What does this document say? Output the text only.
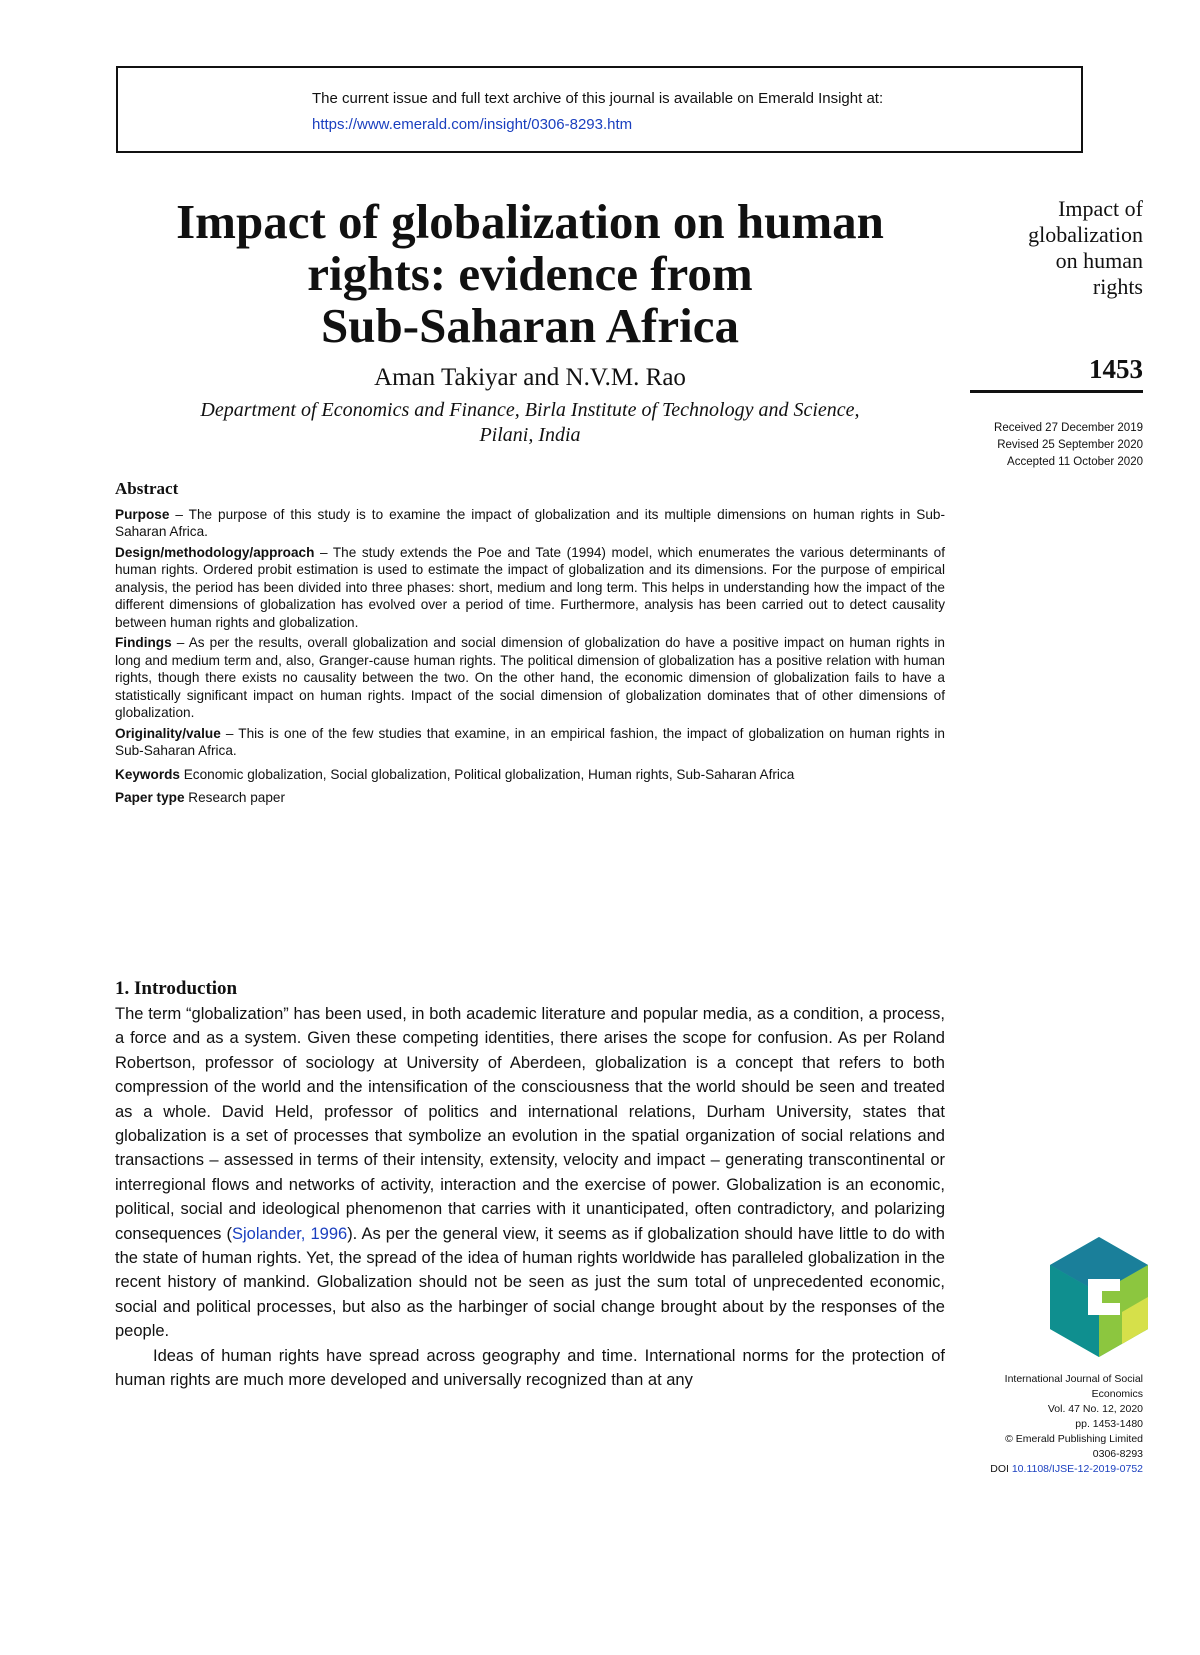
The current issue and full text archive of this journal is available on Emerald Insight at:
https://www.emerald.com/insight/0306-8293.htm
Impact of globalization on human
rights: evidence from
Sub-Saharan Africa
Aman Takiyar and N.V.M. Rao
Department of Economics and Finance, Birla Institute of Technology and Science,
Pilani, India
Impact of
globalization
on human
rights
1453
Received 27 December 2019
Revised 25 September 2020
Accepted 11 October 2020
Abstract

Purpose – The purpose of this study is to examine the impact of globalization and its multiple dimensions on human rights in Sub-Saharan Africa.

Design/methodology/approach – The study extends the Poe and Tate (1994) model, which enumerates the various determinants of human rights. Ordered probit estimation is used to estimate the impact of globalization and its dimensions. For the purpose of empirical analysis, the period has been divided into three phases: short, medium and long term. This helps in understanding how the impact of the different dimensions of globalization has evolved over a period of time. Furthermore, analysis has been carried out to detect causality between human rights and globalization.

Findings – As per the results, overall globalization and social dimension of globalization do have a positive impact on human rights in long and medium term and, also, Granger-cause human rights. The political dimension of globalization has a positive relation with human rights, though there exists no causality between the two. On the other hand, the economic dimension of globalization fails to have a statistically significant impact on human rights. Impact of the social dimension of globalization dominates that of other dimensions of globalization.

Originality/value – This is one of the few studies that examine, in an empirical fashion, the impact of globalization on human rights in Sub-Saharan Africa.

Keywords Economic globalization, Social globalization, Political globalization, Human rights, Sub-Saharan Africa

Paper type Research paper

1. Introduction

The term “globalization” has been used, in both academic literature and popular media, as a condition, a process, a force and as a system. Given these competing identities, there arises the scope for confusion. As per Roland Robertson, professor of sociology at University of Aberdeen, globalization is a concept that refers to both compression of the world and the intensification of the consciousness that the world should be seen and treated as a whole. David Held, professor of politics and international relations, Durham University, states that globalization is a set of processes that symbolize an evolution in the spatial organization of social relations and transactions – assessed in terms of their intensity, extensity, velocity and impact – generating transcontinental or interregional flows and networks of activity, interaction and the exercise of power. Globalization is an economic, political, social and ideological phenomenon that carries with it unanticipated, often contradictory, and polarizing consequences (Sjolander, 1996). As per the general view, it seems as if globalization should have little to do with the state of human rights. Yet, the spread of the idea of human rights worldwide has paralleled globalization in the recent history of mankind. Globalization should not be seen as just the sum total of unprecedented economic, social and political processes, but also as the harbinger of social change brought about by the responses of the people.

Ideas of human rights have spread across geography and time. International norms for the protection of human rights are much more developed and universally recognized than at any	International Journal of Social
Economics
Vol. 47 No. 12, 2020
pp. 1453-1480
© Emerald Publishing Limited
0306-8293
DOI 10.1108/IJSE-12-2019-0752
